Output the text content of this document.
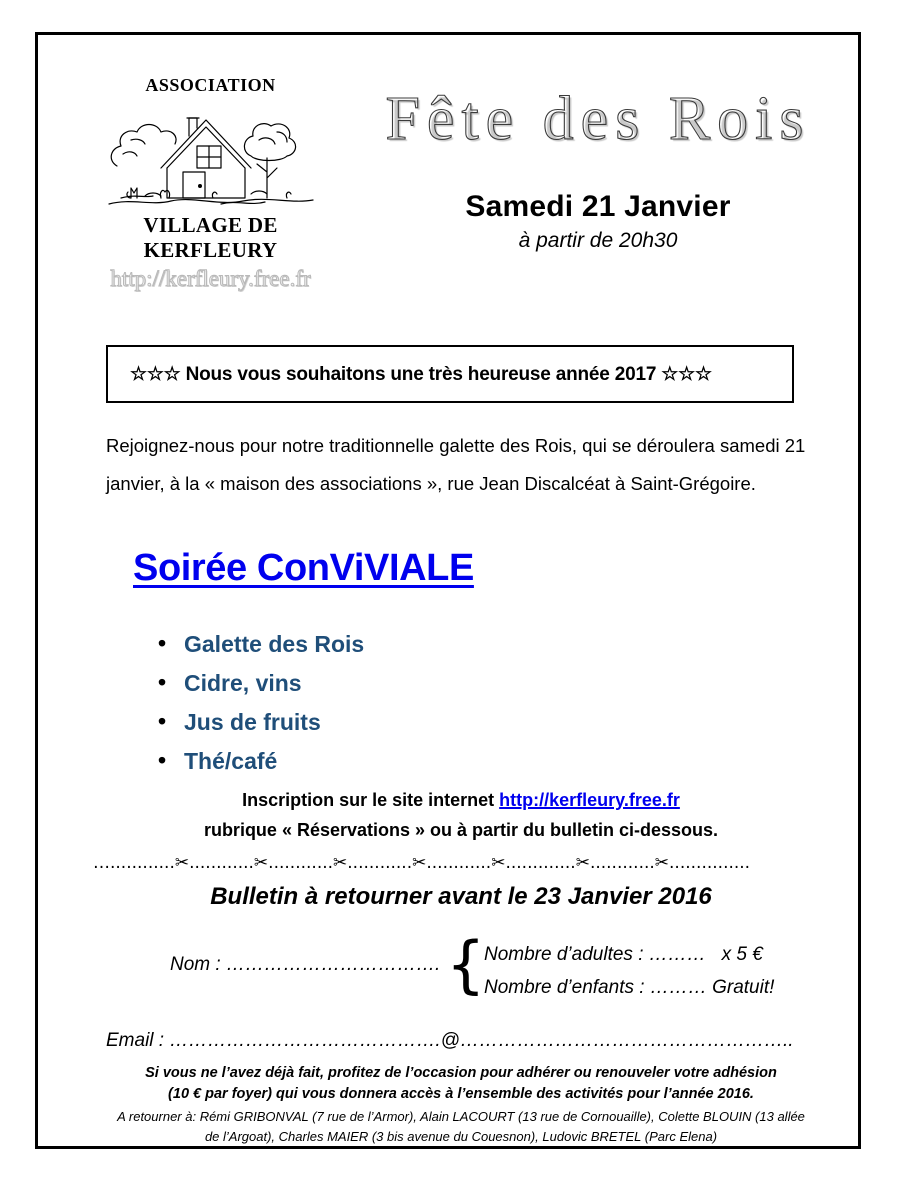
ASSOCIATION
VILLAGE DE KERFLEURY
http://kerfleury.free.fr
Fête des Rois
Samedi 21 Janvier
à partir de 20h30
☆☆☆ Nous vous souhaitons une très heureuse année 2017 ☆☆☆
Rejoignez-nous pour notre traditionnelle galette des Rois, qui se déroulera samedi 21 janvier, à la « maison des associations », rue Jean Discalcéat à Saint-Grégoire.
Soirée ConViVIALE
• Galette des Rois
• Cidre, vins
• Jus de fruits
• Thé/café
Inscription sur le site internet http://kerfleury.free.fr
rubrique « Réservations » ou à partir du bulletin ci-dessous.
…............✂............✂............✂............✂............✂.............✂............✂...............
Bulletin à retourner avant le 23 Janvier 2016
Nom : ……………………………. {
Nombre d’adultes : ……… x 5 €
Nombre d’enfants : ……… Gratuit!
Email : …………………………………….@……………………………………………..
Si vous ne l’avez déjà fait, profitez de l’occasion pour adhérer ou renouveler votre adhésion
(10 € par foyer) qui vous donnera accès à l’ensemble des activités pour l’année 2016.
A retourner à: Rémi GRIBONVAL (7 rue de l’Armor), Alain LACOURT (13 rue de Cornouaille), Colette BLOUIN (13 allée
de l’Argoat), Charles MAIER (3 bis avenue du Couesnon), Ludovic BRETEL (Parc Elena)
